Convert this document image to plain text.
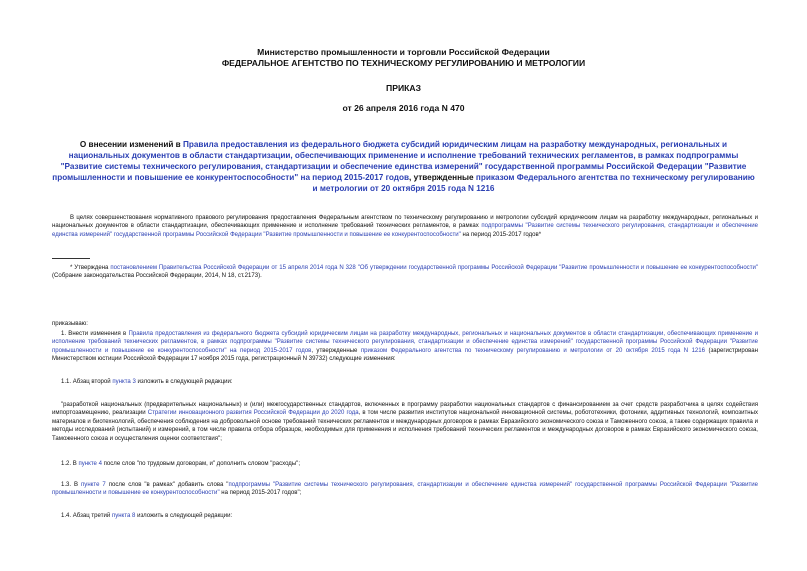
Министерство промышленности и торговли Российской Федерации
ФЕДЕРАЛЬНОЕ АГЕНТСТВО ПО ТЕХНИЧЕСКОМУ РЕГУЛИРОВАНИЮ И МЕТРОЛОГИИ
ПРИКАЗ
от 26 апреля 2016 года N 470
О внесении изменений в Правила предоставления из федерального бюджета субсидий юридическим лицам на разработку международных, региональных и национальных документов в области стандартизации, обеспечивающих применение и исполнение требований технических регламентов, в рамках подпрограммы "Развитие системы технического регулирования, стандартизации и обеспечение единства измерений" государственной программы Российской Федерации "Развитие промышленности и повышение ее конкурентоспособности" на период 2015-2017 годов, утвержденные приказом Федерального агентства по техническому регулированию и метрологии от 20 октября 2015 года N 1216
В целях совершенствования нормативного правового регулирования предоставления Федеральным агентством по техническому регулированию и метрологии субсидий юридическим лицам на разработку международных, региональных и национальных документов в области стандартизации, обеспечивающих применение и исполнение требований технических регламентов, в рамках подпрограммы "Развитие системы технического регулирования, стандартизации и обеспечение единства измерений" государственной программы Российской Федерации "Развитие промышленности и повышение ее конкурентоспособности" на период 2015-2017 годов*
* Утверждена постановлением Правительства Российской Федерации от 15 апреля 2014 года N 328 "Об утверждении государственной программы Российской Федерации "Развитие промышленности и повышение ее конкурентоспособности" (Собрание законодательства Российской Федерации, 2014, N 18, ст.2173).
приказываю:
1. Внести изменения в Правила предоставления из федерального бюджета субсидий юридическим лицам на разработку международных, региональных и национальных документов в области стандартизации, обеспечивающих применение и исполнение требований технических регламентов, в рамках подпрограммы "Развитие системы технического регулирования, стандартизации и обеспечение единства измерений" государственной программы Российской Федерации "Развитие промышленности и повышение ее конкурентоспособности" на период 2015-2017 годов, утвержденные приказом Федерального агентства по техническому регулированию и метрологии от 20 октября 2015 года N 1216 (зарегистрирован Министерством юстиции Российской Федерации 17 ноября 2015 года, регистрационный N 39732) следующие изменения:
1.1. Абзац второй пункта 3 изложить в следующей редакции:
"разработкой национальных (предварительных национальных) и (или) межгосударственных стандартов, включенных в программу разработки национальных стандартов с финансированием за счет средств разработчика в целях содействия импортозамещению, реализации Стратегии инновационного развития Российской Федерации до 2020 года, в том числе развития институтов национальной инновационной системы, робототехники, фотоники, аддитивных технологий, композитных материалов и биотехнологий, обеспечения соблюдения на добровольной основе требований технических регламентов и международных договоров в рамках Евразийского экономического союза и Таможенного союза, а также содержащих правила и методы исследований (испытаний) и измерений, в том числе правила отбора образцов, необходимых для применения и исполнения требований технических регламентов и международных договоров в рамках Евразийского экономического союза, Таможенного союза и осуществления оценки соответствия";
1.2. В пункте 4 после слов "по трудовым договорам, и" дополнить словом "расходы";
1.3. В пункте 7 после слов "в рамках" добавить слова "подпрограммы "Развитие системы технического регулирования, стандартизации и обеспечение единства измерений" государственной программы Российской Федерации "Развитие промышленности и повышение ее конкурентоспособности" на период 2015-2017 годов";
1.4. Абзац третий пункта 8 изложить в следующей редакции:
